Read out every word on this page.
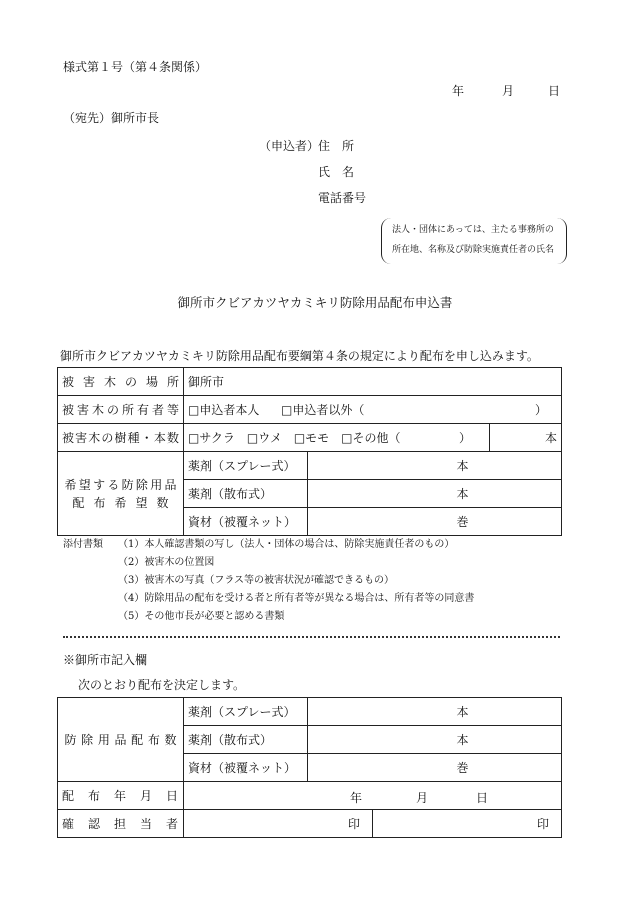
様式第１号（第４条関係）
年	月	日
（宛先）御所市長
（申込者）
住　所
氏　名
電話番号
法人・団体にあっては、主たる事務所の
所在地、名称及び防除実施責任者の氏名
御所市クビアカツヤカミキリ防除用品配布申込書
御所市クビアカツヤカミキリ防除用品配布要綱第４条の規定により配布を申し込みます。
被害木の場所	御所市		
被害木の所有者等	□申込者本人 □申込者以外（ ）		

被害木の樹種・本数	□サクラ　□ウメ　□モモ　□その他（ ）		本

希望する防除用品
配布希望数	薬剤（スプレー式）	本	
	薬剤（散布式）	本	
	資材（被覆ネット）	巻	
添付書類 （1）本人確認書類の写し（法人・団体の場合は、防除実施責任者のもの）
（2）被害木の位置図
（3）被害木の写真（フラス等の被害状況が確認できるもの）
（4）防除用品の配布を受ける者と所有者等が異なる場合は、所有者等の同意書
（5）その他市長が必要と認める書類
※御所市記入欄
次のとおり配布を決定します。
防除用品配布数	薬剤（スプレー式）	本	
	薬剤（散布式）	本	
	資材（被覆ネット）	巻	

配布年月日	年 月 日		

確認担当者	印		印
